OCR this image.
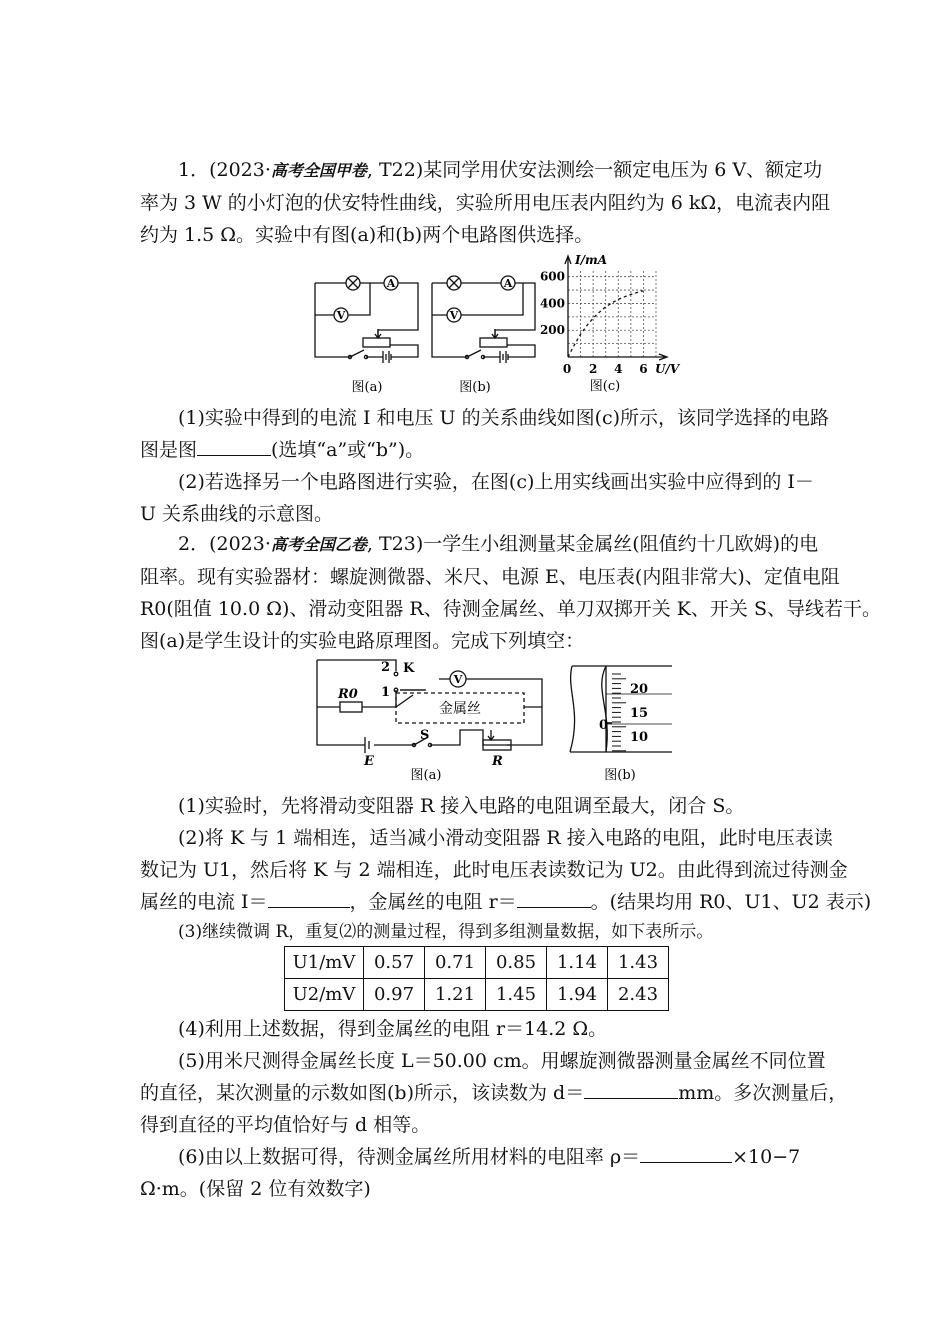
1．(2023·高考全国甲卷, T22)某同学用伏安法测绘一额定电压为 6 V、额定功
率为 3 W 的小灯泡的伏安特性曲线，实验所用电压表内阻约为 6 kΩ，电流表内阻
约为 1.5 Ω。实验中有图(a)和(b)两个电路图供选择。
A
V
图(a)
A
V
图(b)
0 2 4 6
200
400
600
I/mA
U/V
图(c)
(1)实验中得到的电流 I 和电压 U 的关系曲线如图(c)所示，该同学选择的电路
图是图	(选填“a”或“b”)。
(2)若选择另一个电路图进行实验，在图(c)上用实线画出实验中应得到的 I－
U 关系曲线的示意图。
2．(2023·高考全国乙卷, T23)一学生小组测量某金属丝(阻值约十几欧姆)的电
阻率。现有实验器材：螺旋测微器、米尺、电源 E、电压表(内阻非常大)、定值电阻
R0(阻值 10.0 Ω)、滑动变阻器 R、待测金属丝、单刀双掷开关 K、开关 S、导线若干。
图(a)是学生设计的实验电路原理图。完成下列填空：
2
1
K
V
R0
金属丝
S
E	R
图(a)
20
15
10
0
图(b)
(1)实验时，先将滑动变阻器 R 接入电路的电阻调至最大，闭合 S。
(2)将 K 与 1 端相连，适当减小滑动变阻器 R 接入电路的电阻，此时电压表读
数记为 U1，然后将 K 与 2 端相连，此时电压表读数记为 U2。由此得到流过待测金
属丝的电流 I＝	，金属丝的电阻 r＝	。(结果均用 R0、U1、U2 表示)
(3)继续微调 R，重复⑵的测量过程，得到多组测量数据，如下表所示。
U1/mV	0.57	0.71	0.85	1.14	1.43
U2/mV	0.97	1.21	1.45	1.94	2.43
(4)利用上述数据，得到金属丝的电阻 r＝14.2 Ω。
(5)用米尺测得金属丝长度 L＝50.00 cm。用螺旋测微器测量金属丝不同位置
的直径，某次测量的示数如图(b)所示，该读数为 d＝	mm。多次测量后，
得到直径的平均值恰好与 d 相等。
(6)由以上数据可得，待测金属丝所用材料的电阻率 ρ＝	×10−7
Ω·m。(保留 2 位有效数字)
